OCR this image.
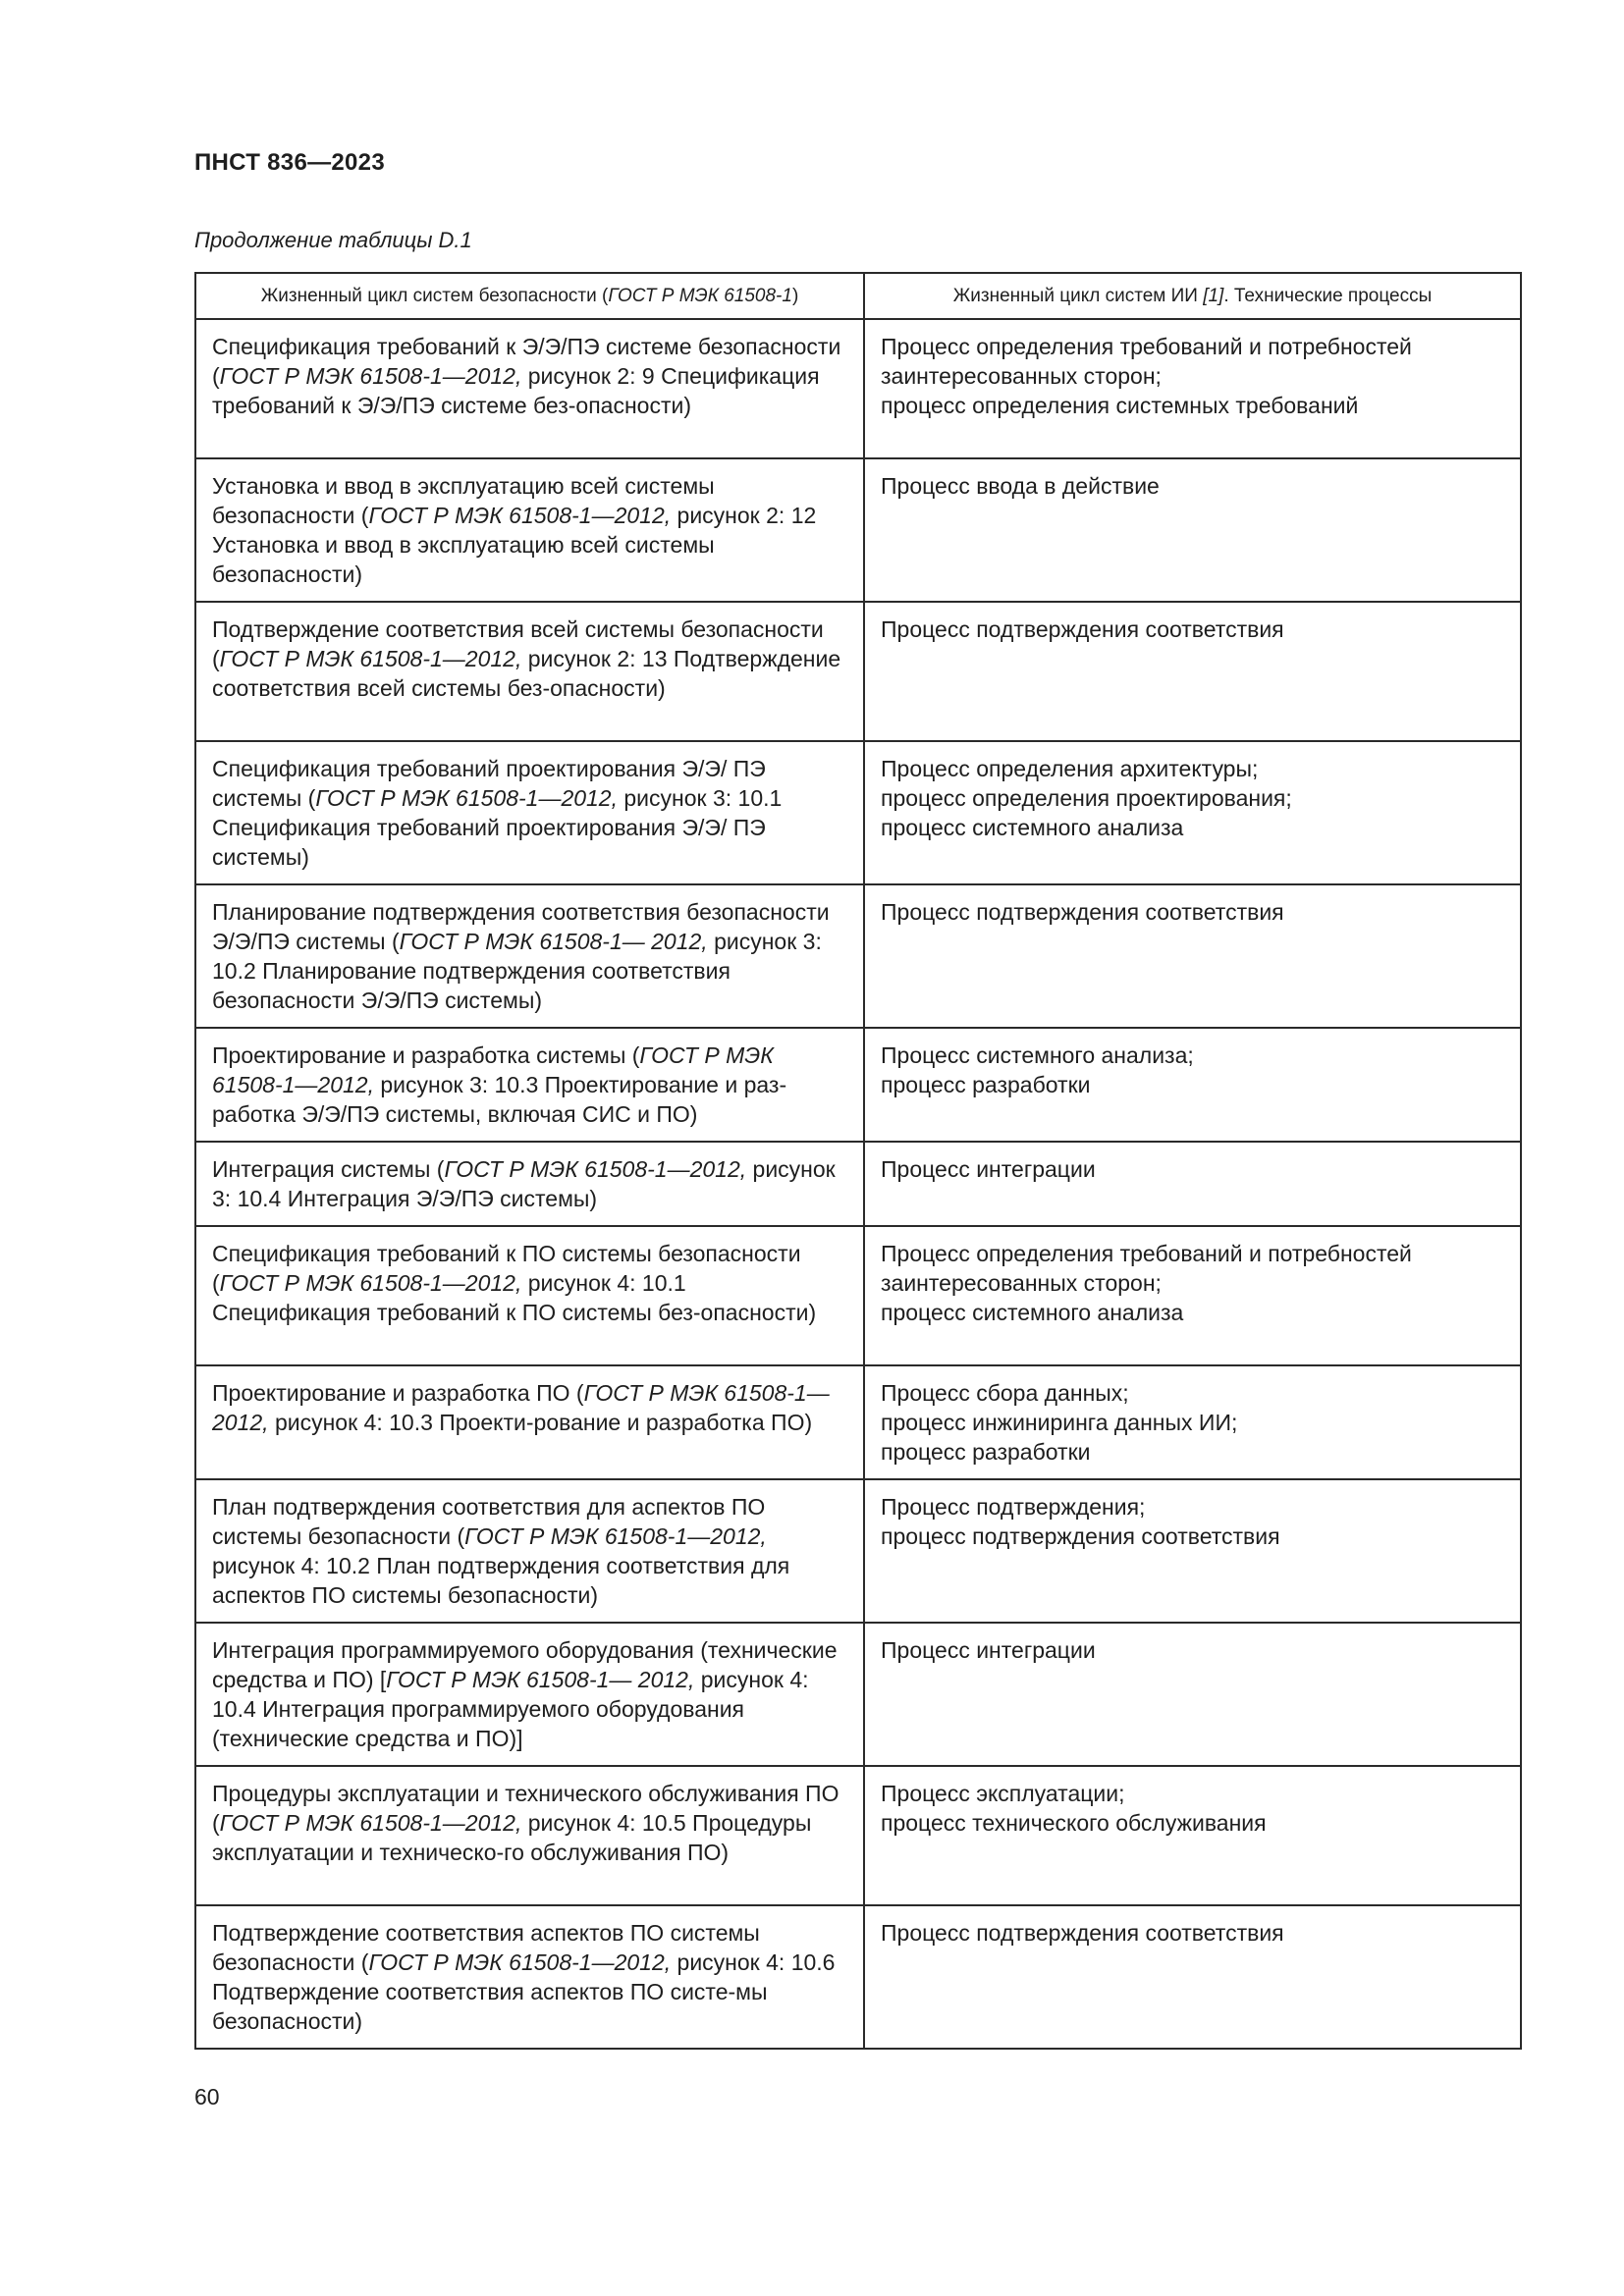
ПНСТ 836—2023

Продолжение таблицы D.1

Жизненный цикл систем безопасности (ГОСТ Р МЭК 61508-1)	Жизненный цикл систем ИИ [1]. Технические процессы
Спецификация требований к Э/Э/ПЭ системе безопасности (ГОСТ Р МЭК 61508-1—2012, рисунок 2: 9 Спецификация требований к Э/Э/ПЭ системе без-опасности)	Процесс определения требований и потребностей заинтересованных сторон;
процесс определения системных требований

Установка и ввод в эксплуатацию всей системы безопасности (ГОСТ Р МЭК 61508-1—2012, рисунок 2: 12 Установка и ввод в эксплуатацию всей системы безопасности)	Процесс ввода в действие

Подтверждение соответствия всей системы безопасности (ГОСТ Р МЭК 61508-1—2012, рисунок 2: 13 Подтверждение соответствия всей системы без-опасности)	Процесс подтверждения соответствия

Спецификация требований проектирования Э/Э/ ПЭ системы (ГОСТ Р МЭК 61508-1—2012, рисунок 3: 10.1 Спецификация требований проектирования Э/Э/ ПЭ системы)	Процесс определения архитектуры;
процесс определения проектирования;
процесс системного анализа

Планирование подтверждения соответствия безопасности Э/Э/ПЭ системы (ГОСТ Р МЭК 61508-1— 2012, рисунок 3: 10.2 Планирование подтверждения соответствия безопасности Э/Э/ПЭ системы)	Процесс подтверждения соответствия

Проектирование и разработка системы (ГОСТ Р МЭК 61508-1—2012, рисунок 3: 10.3 Проектирование и раз-работка Э/Э/ПЭ системы, включая СИС и ПО)	Процесс системного анализа;
процесс разработки

Интеграция системы (ГОСТ Р МЭК 61508-1—2012, рисунок 3: 10.4 Интеграция Э/Э/ПЭ системы)	Процесс интеграции

Спецификация требований к ПО системы безопасности (ГОСТ Р МЭК 61508-1—2012, рисунок 4: 10.1 Спецификация требований к ПО системы без-опасности)	Процесс определения требований и потребностей заинтересованных сторон;
процесс системного анализа

Проектирование и разработка ПО (ГОСТ Р МЭК 61508-1—2012, рисунок 4: 10.3 Проекти-рование и разработка ПО)	Процесс сбора данных;
процесс инжиниринга данных ИИ;
процесс разработки

План подтверждения соответствия для аспектов ПО системы безопасности (ГОСТ Р МЭК 61508-1—2012, рисунок 4: 10.2 План подтверждения соответствия для аспектов ПО системы безопасности)	Процесс подтверждения;
процесс подтверждения соответствия

Интеграция программируемого оборудования (технические средства и ПО) [ГОСТ Р МЭК 61508-1— 2012, рисунок 4: 10.4 Интеграция программируемого оборудования (технические средства и ПО)]	Процесс интеграции

Процедуры эксплуатации и технического обслуживания ПО (ГОСТ Р МЭК 61508-1—2012, рисунок 4: 10.5 Процедуры эксплуатации и техническо-го обслуживания ПО)	Процесс эксплуатации;
процесс технического обслуживания

Подтверждение соответствия аспектов ПО системы безопасности (ГОСТ Р МЭК 61508-1—2012, рисунок 4: 10.6 Подтверждение соответствия аспектов ПО систе-мы безопасности)	Процесс подтверждения соответствия

60
